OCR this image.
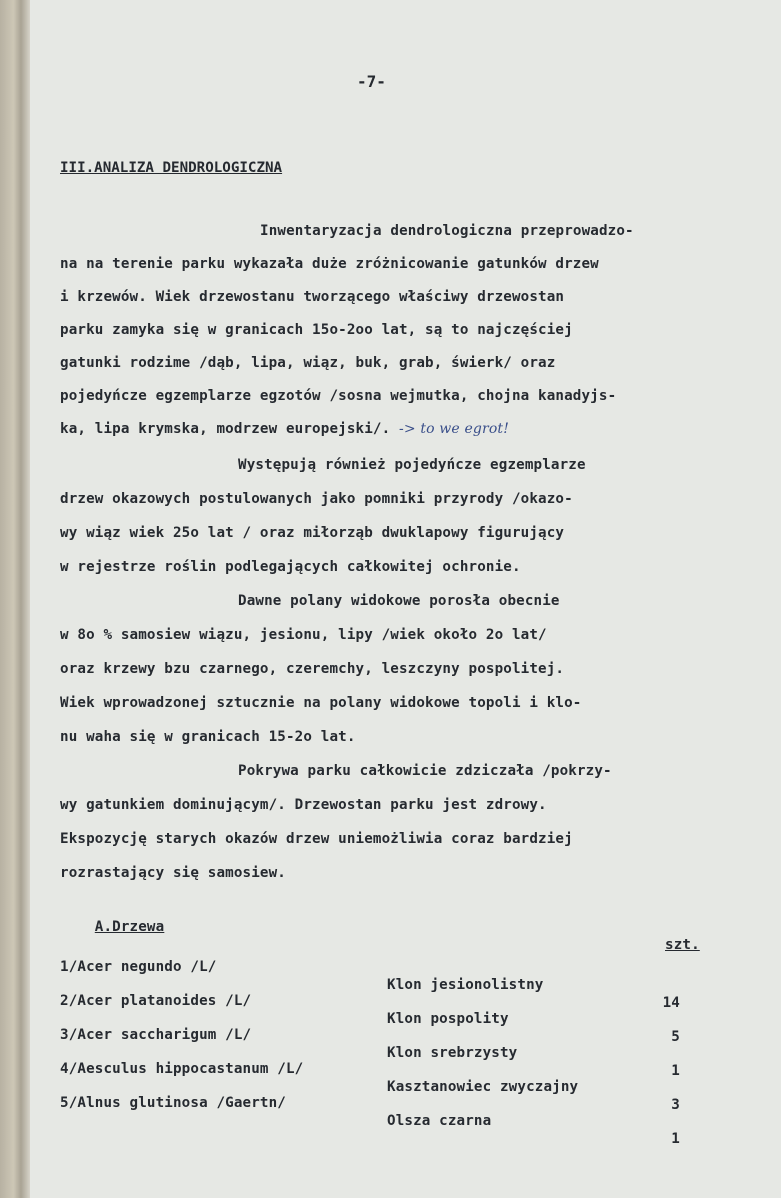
-7-
III.ANALIZA DENDROLOGICZNA
Inwentaryzacja dendrologiczna przeprowadzo-
na na terenie parku wykazała duże zróżnicowanie gatunków drzew
i krzewów. Wiek drzewostanu tworzącego właściwy drzewostan
parku zamyka się w granicach 15o-2oo lat, są to najczęściej
gatunki rodzime /dąb, lipa, wiąz, buk, grab, świerk/ oraz
pojedyńcze egzemplarze egzotów /sosna wejmutka, chojna kanadyjs-
ka, lipa krymska, modrzew europejski/. -> to we egrot!
Występują również pojedyńcze egzemplarze
drzew okazowych postulowanych jako pomniki przyrody /okazo-
wy wiąz wiek 25o lat / oraz miłorząb dwuklapowy figurujący
w rejestrze roślin podlegających całkowitej ochronie.
Dawne polany widokowe porosła obecnie
w 8o % samosiew wiązu, jesionu, lipy /wiek około 2o lat/
oraz krzewy bzu czarnego, czeremchy, leszczyny pospolitej.
Wiek wprowadzonej sztucznie na polany widokowe topoli i klo-
nu waha się w granicach 15-2o lat.
Pokrywa parku całkowicie zdziczała /pokrzy-
wy gatunkiem dominującym/. Drzewostan parku jest zdrowy.
Ekspozycję starych okazów drzew uniemożliwia coraz bardziej
rozrastający się samosiew.

A.Drzewa

szt.

1/Acer negundo /L/

Klon jesionolistny

14

2/Acer platanoides /L/

Klon pospolity

5

3/Acer saccharigum /L/

Klon srebrzysty

1

4/Aesculus hippocastanum /L/

Kasztanowiec zwyczajny

3

5/Alnus glutinosa /Gaertn/

Olsza czarna

1
